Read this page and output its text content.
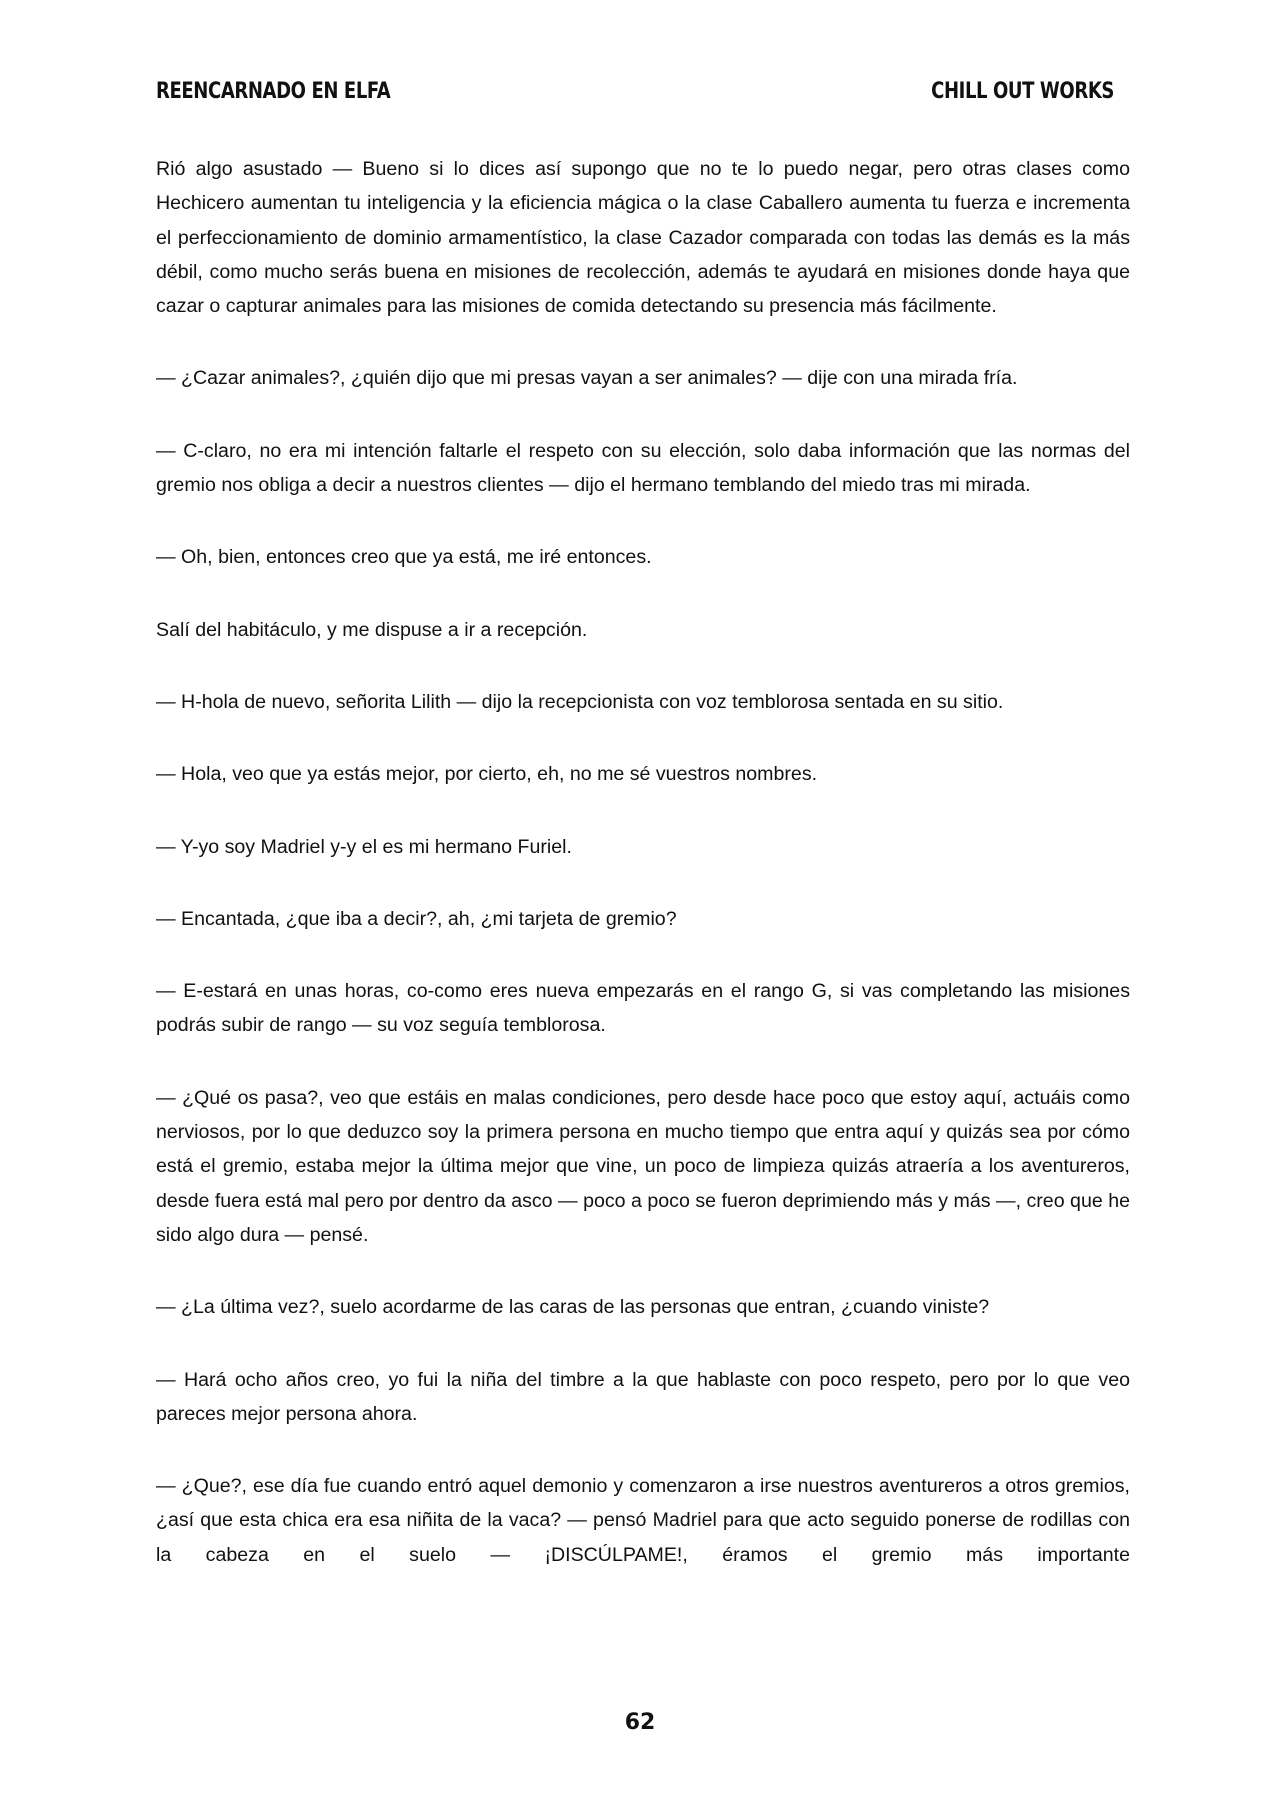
REENCARNADO EN ELFA	CHILL OUT WORKS

Rió algo asustado — Bueno si lo dices así supongo que no te lo puedo negar, pero otras clases como Hechicero aumentan tu inteligencia y la eficiencia mágica o la clase Caballero aumenta tu fuerza e incrementa el perfeccionamiento de dominio armamentístico, la clase Cazador comparada con todas las demás es la más débil, como mucho serás buena en misiones de recolección, además te ayudará en misiones donde haya que cazar o capturar animales para las misiones de comida detectando su presencia más fácilmente.

— ¿Cazar animales?, ¿quién dijo que mi presas vayan a ser animales? — dije con una mirada fría.

— C-claro, no era mi intención faltarle el respeto con su elección, solo daba información que las normas del gremio nos obliga a decir a nuestros clientes — dijo el hermano temblando del miedo tras mi mirada.

— Oh, bien, entonces creo que ya está, me iré entonces.

Salí del habitáculo, y me dispuse a ir a recepción.

— H-hola de nuevo, señorita Lilith — dijo la recepcionista con voz temblorosa sentada en su sitio.

— Hola, veo que ya estás mejor, por cierto, eh, no me sé vuestros nombres.

— Y-yo soy Madriel y-y el es mi hermano Furiel.

— Encantada, ¿que iba a decir?, ah, ¿mi tarjeta de gremio?

— E-estará en unas horas, co-como eres nueva empezarás en el rango G, si vas completando las misiones podrás subir de rango — su voz seguía temblorosa.

— ¿Qué os pasa?, veo que estáis en malas condiciones, pero desde hace poco que estoy aquí, actuáis como nerviosos, por lo que deduzco soy la primera persona en mucho tiempo que entra aquí y quizás sea por cómo está el gremio, estaba mejor la última mejor que vine, un poco de limpieza quizás atraería a los aventureros, desde fuera está mal pero por dentro da asco — poco a poco se fueron deprimiendo más y más —, creo que he sido algo dura — pensé.

— ¿La última vez?, suelo acordarme de las caras de las personas que entran, ¿cuando viniste?

— Hará ocho años creo, yo fui la niña del timbre a la que hablaste con poco respeto, pero por lo que veo pareces mejor persona ahora.

— ¿Que?, ese día fue cuando entró aquel demonio y comenzaron a irse nuestros aventureros a otros gremios, ¿así que esta chica era esa niñita de la vaca? — pensó Madriel para que acto seguido ponerse de rodillas con la cabeza en el suelo — ¡DISCÚLPAME!, éramos el gremio más importante

62
